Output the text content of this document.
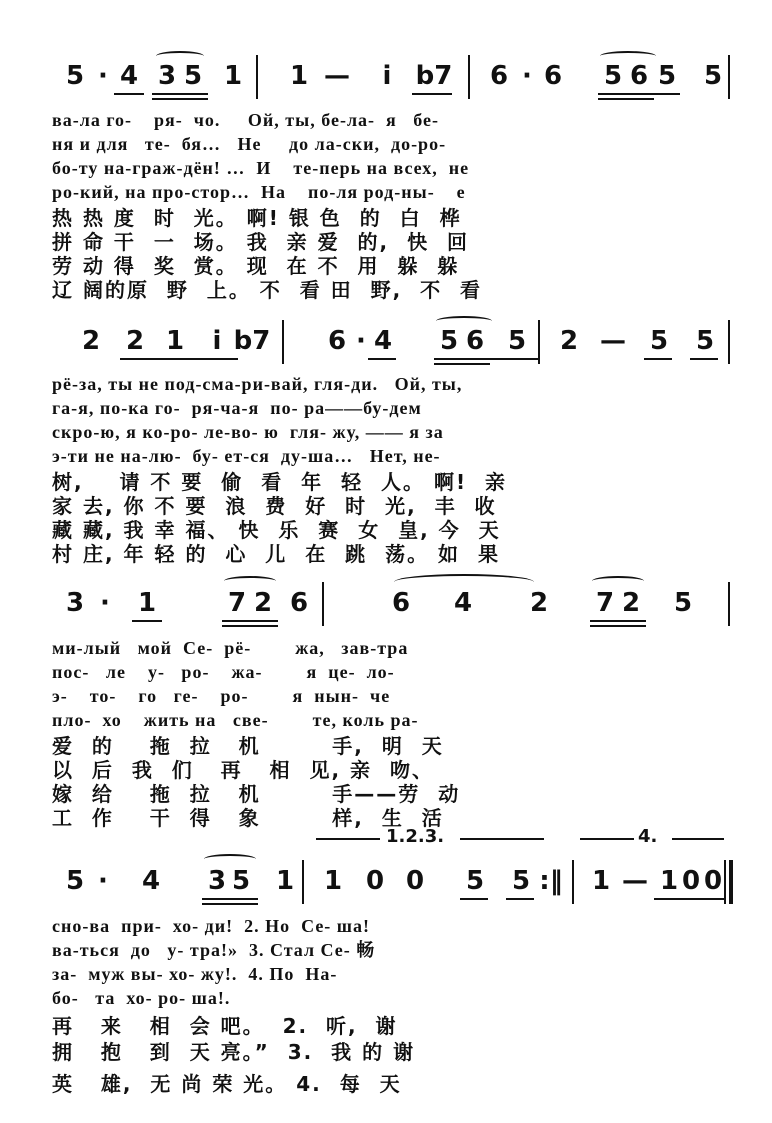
5 · 4 3 5 1 1 —	i b7 6 · 6 5 6 5 5
ва-ла го-    ря-  чо.     Ой, ты, бе-ла-  я   бе-
ня и для   те-  бя…   Не     до ла-ски,  до-ро-
бо-ту на-граж-дён! …  И    те-перь на всех,  не
ро-кий, на про-стор…  На    по-ля род-ны-    е
热 热 度  时  光。 啊! 银 色  的  白  桦
拼 命 干  一  场。 我  亲 爱  的,  快  回
劳 动 得  奖  赏。 现  在 不  用  躲  躲
辽 阔的原  野  上。 不  看 田  野,  不  看
2 2 1	i b7 6 · 4 5 6 5 2 — 5 5
рё-за, ты не под-сма-ри-вай, гля-ди.   Ой, ты,
га-я, по-ка го-  ря-ча-я  по- ра——бу-дем
скро-ю, я ко-ро- ле-во- ю  гля- жу, —— я за
э-ти не на-лю-  бу- ет-ся  ду-ша…   Нет, не-
树,    请 不 要  偷  看  年  轻  人。 啊!  亲
家 去, 你 不 要  浪  费  好  时  光,  丰  收
藏 藏, 我 幸 福、 快  乐  赛  女  皇, 今  天
村 庄, 年 轻 的  心  儿  在  跳  荡。 如  果
3 ·	1	7 2 6	6 4 2 7 2 5
ми-лый   мой  Се-  рё-        жа,   зав-тра
пос-   ле    у-   ро-    жа-        я  це-  ло-
э-    то-    го   ге-    ро-        я  нын-  че
пло-  хо    жить на   све-        те, коль ра-
爱  的    拖  拉   机        手,  明  天
以  后  我  们   再   相  见, 亲  吻、
嫁  给    拖  拉   机        手——劳  动
工  作    干  得   象        样,  生  活
1.2.3.	4.
5 ·	4 3 5 1 1 0 0 5 5 :‖ 1 — 1 0 0
сно-ва  при-  хо- ди!  2. Но  Се- ша!
ва-ться  до   у- тра!»  3. Стал Се- 畅
за-  муж вы- хо- жу!.  4. По  На-
бо-   та  хо- ро- ша!.
再   来   相  会 吧。  2.  听,  谢
拥   抱   到  天 亮。”  3.  我 的 谢
英   雄,  无 尚 荣 光。 4.  每  天
